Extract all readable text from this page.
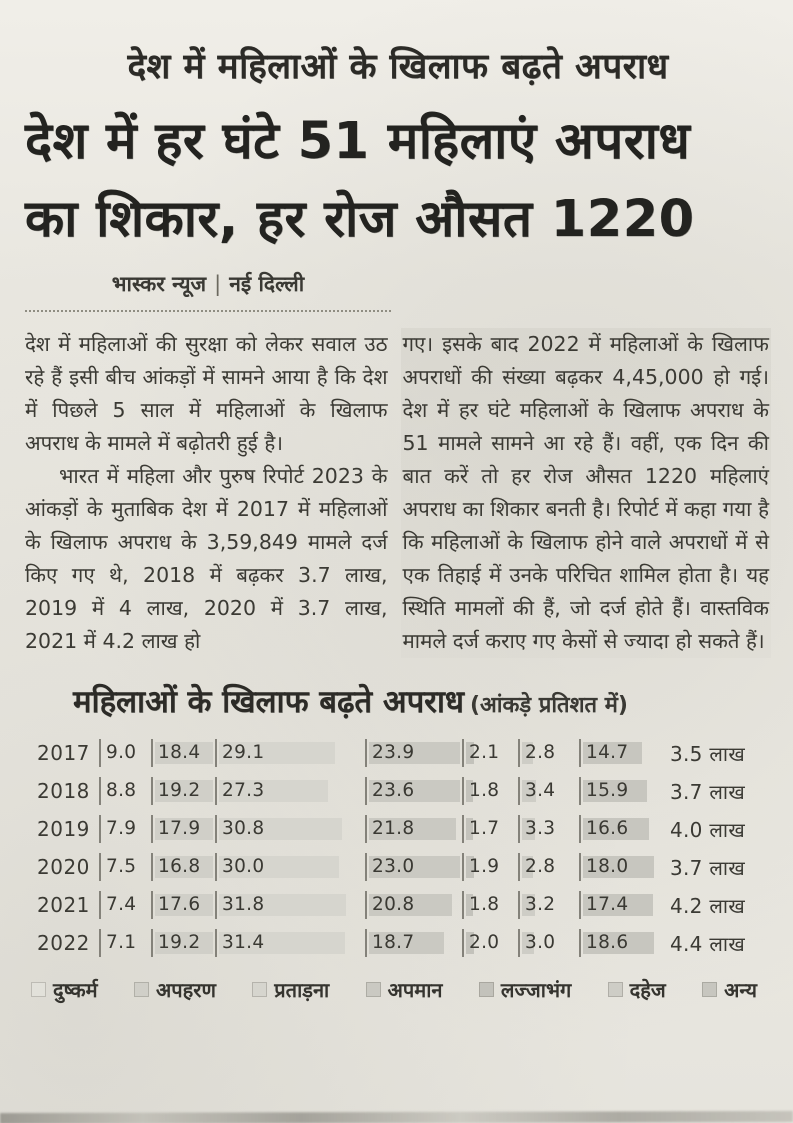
देश में महिलाओं के खिलाफ बढ़ते अपराध
देश में हर घंटे 51 महिलाएं अपराध
का शिकार, हर रोज औसत 1220
भास्कर न्यूज | नई दिल्ली

देश में महिलाओं की सुरक्षा को लेकर सवाल उठ रहे हैं इसी बीच आंकड़ों में सामने आया है कि देश में पिछले 5 साल में महिलाओं के खिलाफ अपराध के मामले में बढ़ोतरी हुई है।

भारत में महिला और पुरुष रिपोर्ट 2023 के आंकड़ों के मुताबिक देश में 2017 में महिलाओं के खिलाफ अपराध के 3,59,849 मामले दर्ज किए गए थे, 2018 में बढ़कर 3.7 लाख, 2019 में 4 लाख, 2020 में 3.7 लाख, 2021 में 4.2 लाख हो

गए। इसके बाद 2022 में महिलाओं के खिलाफ अपराधों की संख्या बढ़कर 4,45,000 हो गई। देश में हर घंटे महिलाओं के खिलाफ अपराध के 51 मामले सामने आ रहे हैं। वहीं, एक दिन की बात करें तो हर रोज औसत 1220 महिलाएं अपराध का शिकार बनती है। रिपोर्ट में कहा गया है कि महिलाओं के खिलाफ होने वाले अपराधों में से एक तिहाई में उनके परिचित शामिल होता है। यह स्थिति मामलों की हैं, जो दर्ज होते हैं। वास्तविक मामले दर्ज कराए गए केसों से ज्यादा हो सकते हैं।

महिलाओं के खिलाफ बढ़ते अपराध (आंकड़े प्रतिशत में)
2017 9.0	18.4	29.1	23.9	2.1	2.8	14.7	3.5 लाख
2018 8.8	19.2	27.3	23.6	1.8	3.4	15.9	3.7 लाख
2019 7.9	17.9	30.8	21.8	1.7	3.3	16.6	4.0 लाख
2020 7.5	16.8	30.0	23.0	1.9	2.8	18.0	3.7 लाख
2021 7.4	17.6	31.8	20.8	1.8	3.2	17.4	4.2 लाख
2022 7.1	19.2	31.4	18.7	2.0	3.0	18.6	4.4 लाख
दुष्कर्म	अपहरण	प्रताड़ना	अपमान	लज्जाभंग	दहेज	अन्य
